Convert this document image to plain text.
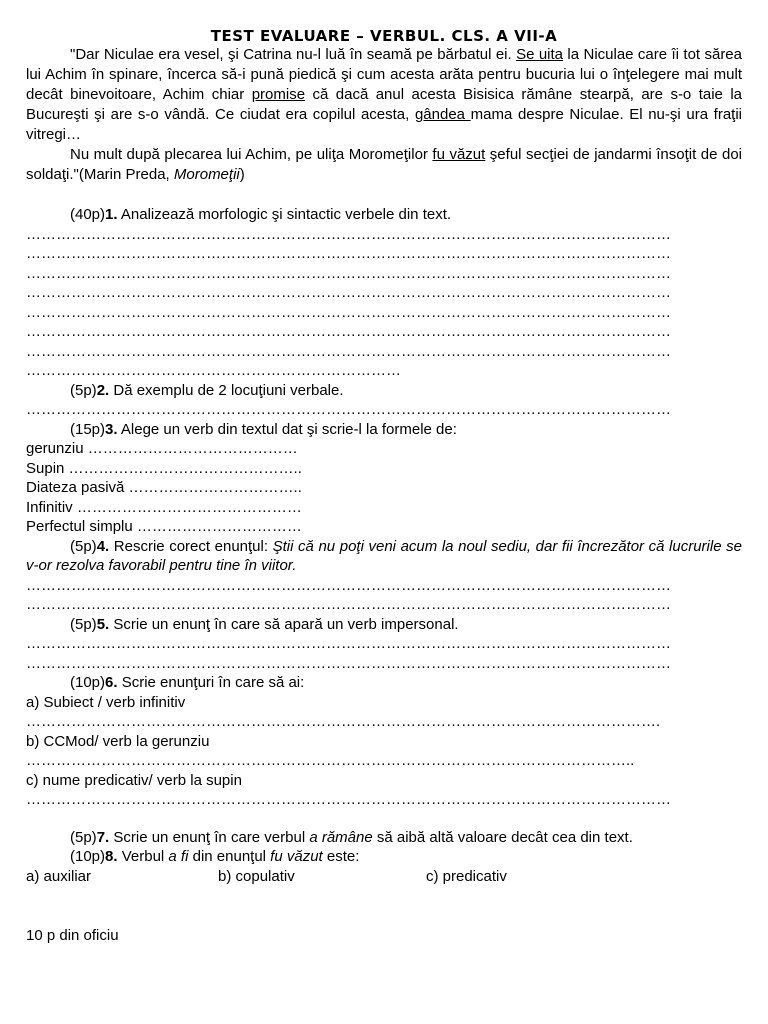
TEST EVALUARE – VERBUL. CLS. A VII-A
"Dar Niculae era vesel, şi Catrina nu-l luă în seamă pe bărbatul ei. Se uita la Niculae care îi tot sărea lui Achim în spinare, încerca să-i pună piedică şi cum acesta arăta pentru bucuria lui o înţelegere mai mult decât binevoitoare, Achim chiar promise că dacă anul acesta Bisisica rămâne stearpă, are s-o taie la Bucureşti şi are s-o vândă. Ce ciudat era copilul acesta, gândea mama despre Niculae. El nu-şi ura fraţii vitregi…
Nu mult după plecarea lui Achim, pe uliţa Moromeţilor fu văzut şeful secţiei de jandarmi însoţit de doi soldaţi."(Marin Preda, Moromeţii)
(40p)1. Analizează morfologic şi sintactic verbele din text.
…………………………………………………………………………………………………………………
…………………………………………………………………………………………………………………
…………………………………………………………………………………………………………………
…………………………………………………………………………………………………………………
…………………………………………………………………………………………………………………
…………………………………………………………………………………………………………………
…………………………………………………………………………………………………………………
…………………………………………………………………
(5p)2. Dă exemplu de 2 locuţiuni verbale.
…………………………………………………………………………………………………………………
(15p)3. Alege un verb din textul dat şi scrie-l la formele de:
gerunziu ……………………………………
Supin ………………………………………..
Diateza pasivă ……………………………..
Infinitiv ………………………………………
Perfectul simplu ……………………………
(5p)4. Rescrie corect enunţul: Ştii că nu poţi veni acum la noul sediu, dar fii încrezător că lucrurile se v-or rezolva favorabil pentru tine în viitor.
…………………………………………………………………………………………………………………
…………………………………………………………………………………………………………………
(5p)5. Scrie un enunţ în care să apară un verb impersonal.
…………………………………………………………………………………………………………………
…………………………………………………………………………………………………………………
(10p)6. Scrie enunţuri în care să ai:
a) Subiect / verb infinitiv
……………………………………………………………………………………………………………….
b) CCMod/ verb la gerunziu
…………………………………………………………………………………………………………..
c) nume predicativ/ verb la supin
…………………………………………………………………………………………………………………
(5p)7. Scrie un enunţ în care verbul a rămâne să aibă altă valoare decât cea din text.
(10p)8. Verbul a fi din enunţul fu văzut este:
a) auxiliar	b) copulativ	c) predicativ
10 p din oficiu
